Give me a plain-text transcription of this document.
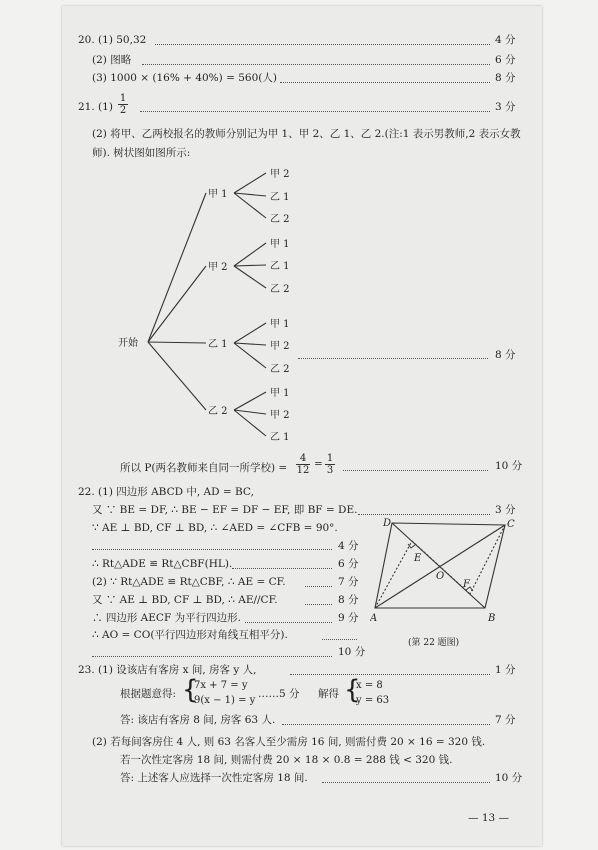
20. (1) 50,32	4 分
(2) 图略	6 分
(3) 1000 × (16% + 40%) = 560(人)	8 分
21. $(1) \frac{1}{2}$	3 分
(2) 将甲、乙两校报名的教师分别记为甲 1、甲 2、乙 1、乙 2.(注:1 表示男教师,2 表示女教
师). 树状图如图所示:
开始
甲 1
甲 2
乙 1
乙 2
甲 2
甲 1
乙 1
乙 2
乙 1
甲 1
甲 2
乙 2
乙 2
甲 1
甲 2
乙 1
8 分
所以 P(两名教师来自同一所学校) = $\frac{4}{12} = \frac{1}{3}$	10 分
22. (1) 四边形 ABCD 中, AD = BC,
又 ∵ BE = DF, ∴ BE − EF = DF − EF, 即 BF = DE.	3 分
∵ AE ⊥ BD, CF ⊥ BD, ∴ ∠AED = ∠CFB = 90°.
4 分
∴ Rt△ADE ≌ Rt△CBF(HL).	6 分
(2) ∵ Rt△ADE ≌ Rt△CBF, ∴ AE = CF.	7 分
又 ∵ AE ⊥ BD, CF ⊥ BD, ∴ AE//CF.	8 分
∴ 四边形 AECF 为平行四边形.	9 分
∴ AO = CO(平行四边形对角线互相平分).
10 分
D	C
A	B
E
F
O
(第 22 题图)
23. (1) 设该店有客房 x 间, 房客 y 人,	1 分
根据题意得: {
7x + 7 = y
9(x − 1) = y
……5 分 解得 {
x = 8
y = 63
答: 该店有客房 8 间, 房客 63 人.	7 分
(2) 若每间客房住 4 人, 则 63 名客人至少需房 16 间, 则需付费 20 × 16 = 320 钱.
若一次性定客房 18 间, 则需付费 20 × 18 × 0.8 = 288 钱 < 320 钱.
答: 上述客人应选择一次性定客房 18 间.	10 分
— 13 —
